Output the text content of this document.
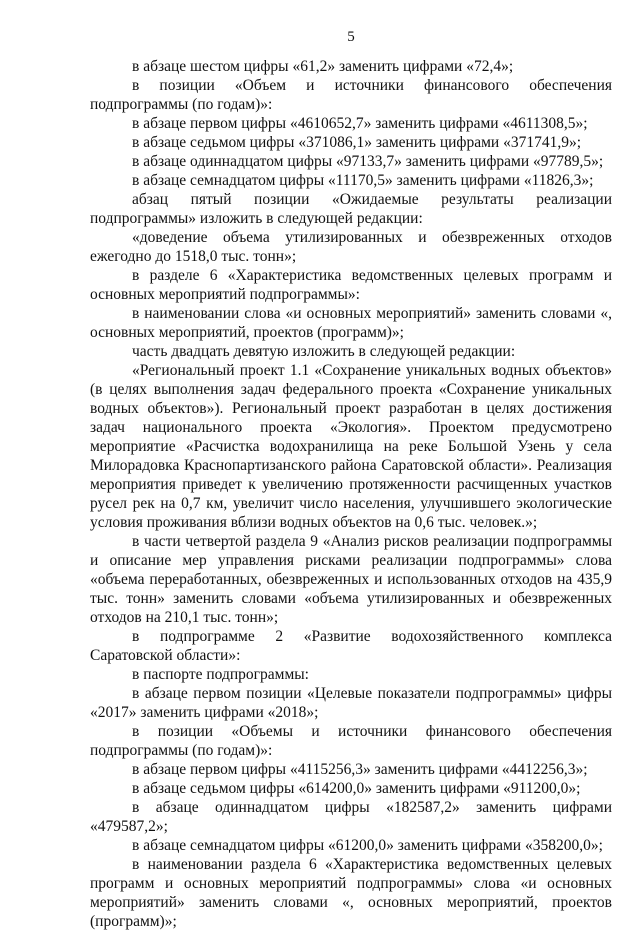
5

в абзаце шестом цифры «61,2» заменить цифрами «72,4»;

в позиции «Объем и источники финансового обеспечения подпрограммы (по годам)»:

в абзаце первом цифры «4610652,7» заменить цифрами «4611308,5»;

в абзаце седьмом цифры «371086,1» заменить цифрами «371741,9»;

в абзаце одиннадцатом цифры «97133,7» заменить цифрами «97789,5»;

в абзаце семнадцатом цифры «11170,5» заменить цифрами «11826,3»;

абзац пятый позиции «Ожидаемые результаты реализации подпрограммы» изложить в следующей редакции:

«доведение объема утилизированных и обезвреженных отходов ежегодно до 1518,0 тыс. тонн»;

в разделе 6 «Характеристика ведомственных целевых программ и основных мероприятий подпрограммы»:

в наименовании слова «и основных мероприятий» заменить словами «, основных мероприятий, проектов (программ)»;

часть двадцать девятую изложить в следующей редакции:

«Региональный проект 1.1 «Сохранение уникальных водных объектов» (в целях выполнения задач федерального проекта «Сохранение уникальных водных объектов»). Региональный проект разработан в целях достижения задач национального проекта «Экология». Проектом предусмотрено мероприятие «Расчистка водохранилища на реке Большой Узень у села Милорадовка Краснопартизанского района Саратовской области». Реализация мероприятия приведет к увеличению протяженности расчищенных участков русел рек на 0,7 км, увеличит число населения, улучшившего экологические условия проживания вблизи водных объектов на 0,6 тыс. человек.»;

в части четвертой раздела 9 «Анализ рисков реализации подпрограммы и описание мер управления рисками реализации подпрограммы» слова «объема переработанных, обезвреженных и использованных отходов на 435,9 тыс. тонн» заменить словами «объема утилизированных и обезвреженных отходов на 210,1 тыс. тонн»;

в подпрограмме 2 «Развитие водохозяйственного комплекса Саратовской области»:

в паспорте подпрограммы:

в абзаце первом позиции «Целевые показатели подпрограммы» цифры «2017» заменить цифрами «2018»;

в позиции «Объемы и источники финансового обеспечения подпрограммы (по годам)»:

в абзаце первом цифры «4115256,3» заменить цифрами «4412256,3»;

в абзаце седьмом цифры «614200,0» заменить цифрами «911200,0»;

в абзаце одиннадцатом цифры «182587,2» заменить цифрами «479587,2»;

в абзаце семнадцатом цифры «61200,0» заменить цифрами «358200,0»;

в наименовании раздела 6 «Характеристика ведомственных целевых программ и основных мероприятий подпрограммы» слова «и основных мероприятий» заменить словами «, основных мероприятий, проектов (программ)»;
